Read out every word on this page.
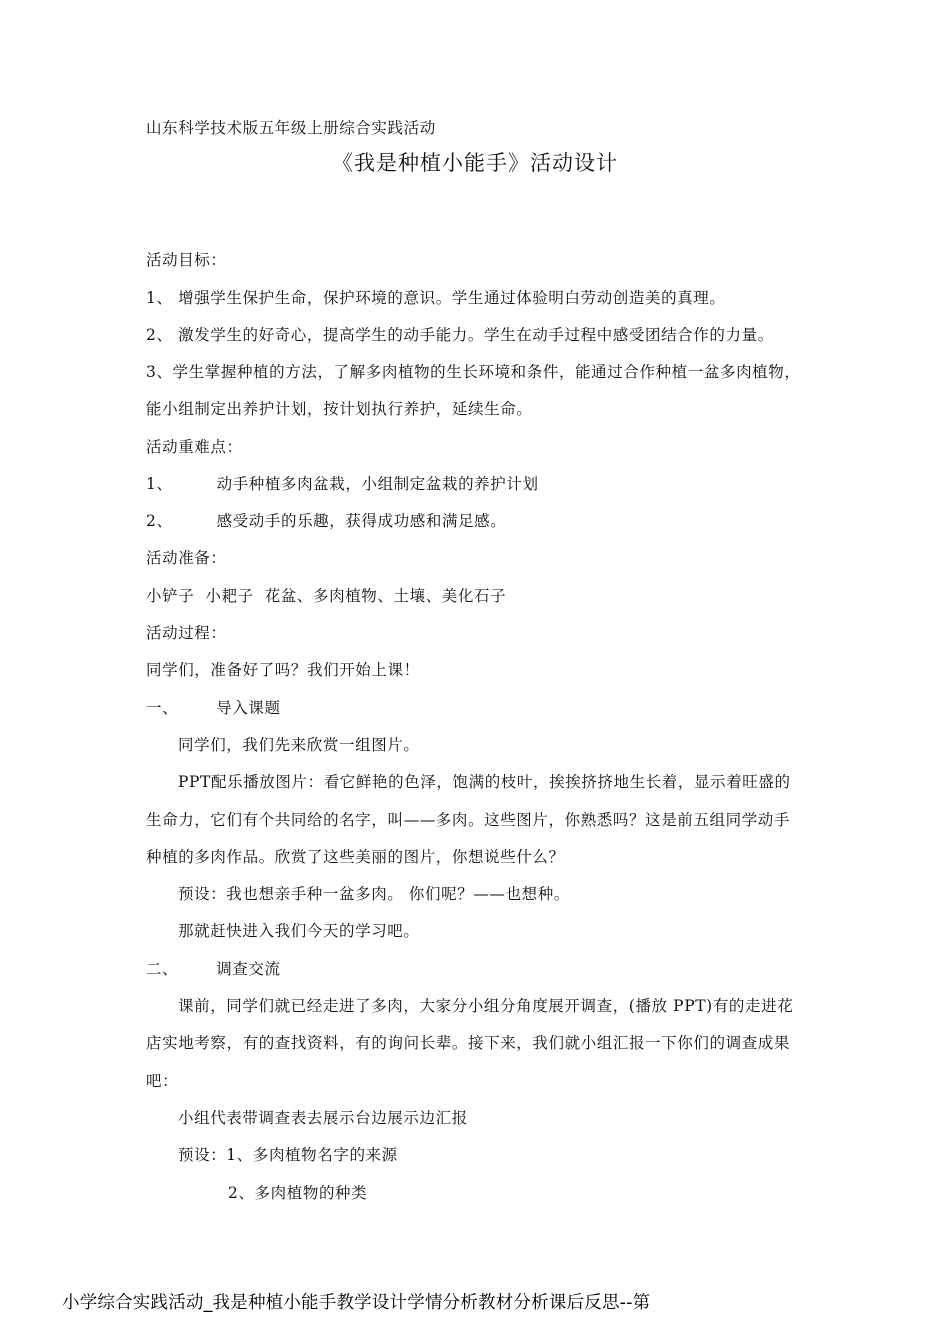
山东科学技术版五年级上册综合实践活动
《我是种植小能手》活动设计
活动目标：
1、 增强学生保护生命，保护环境的意识。学生通过体验明白劳动创造美的真理。
2、 激发学生的好奇心，提高学生的动手能力。学生在动手过程中感受团结合作的力量。
3、学生掌握种植的方法，了解多肉植物的生长环境和条件，能通过合作种植一盆多肉植物，
能小组制定出养护计划，按计划执行养护，延续生命。
活动重难点：
1、	动手种植多肉盆栽，小组制定盆栽的养护计划
2、	感受动手的乐趣，获得成功感和满足感。
活动准备：
小铲子  小耙子  花盆、多肉植物、土壤、美化石子
活动过程：
同学们，准备好了吗？我们开始上课！
一、 导入课题
同学们，我们先来欣赏一组图片。
PPT配乐播放图片：看它鲜艳的色泽，饱满的枝叶，挨挨挤挤地生长着，显示着旺盛的
生命力，它们有个共同给的名字，叫——多肉。这些图片，你熟悉吗？这是前五组同学动手
种植的多肉作品。欣赏了这些美丽的图片，你想说些什么？
预设：我也想亲手种一盆多肉。 你们呢？——也想种。
那就赶快进入我们今天的学习吧。
二、 调查交流
课前，同学们就已经走进了多肉，大家分小组分角度展开调查，(播放 PPT)有的走进花
店实地考察，有的查找资料，有的询问长辈。接下来，我们就小组汇报一下你们的调查成果
吧：
小组代表带调查表去展示台边展示边汇报
预设：1、多肉植物名字的来源
2、多肉植物的种类
小学综合实践活动_我是种植小能手教学设计学情分析教材分析课后反思--第
